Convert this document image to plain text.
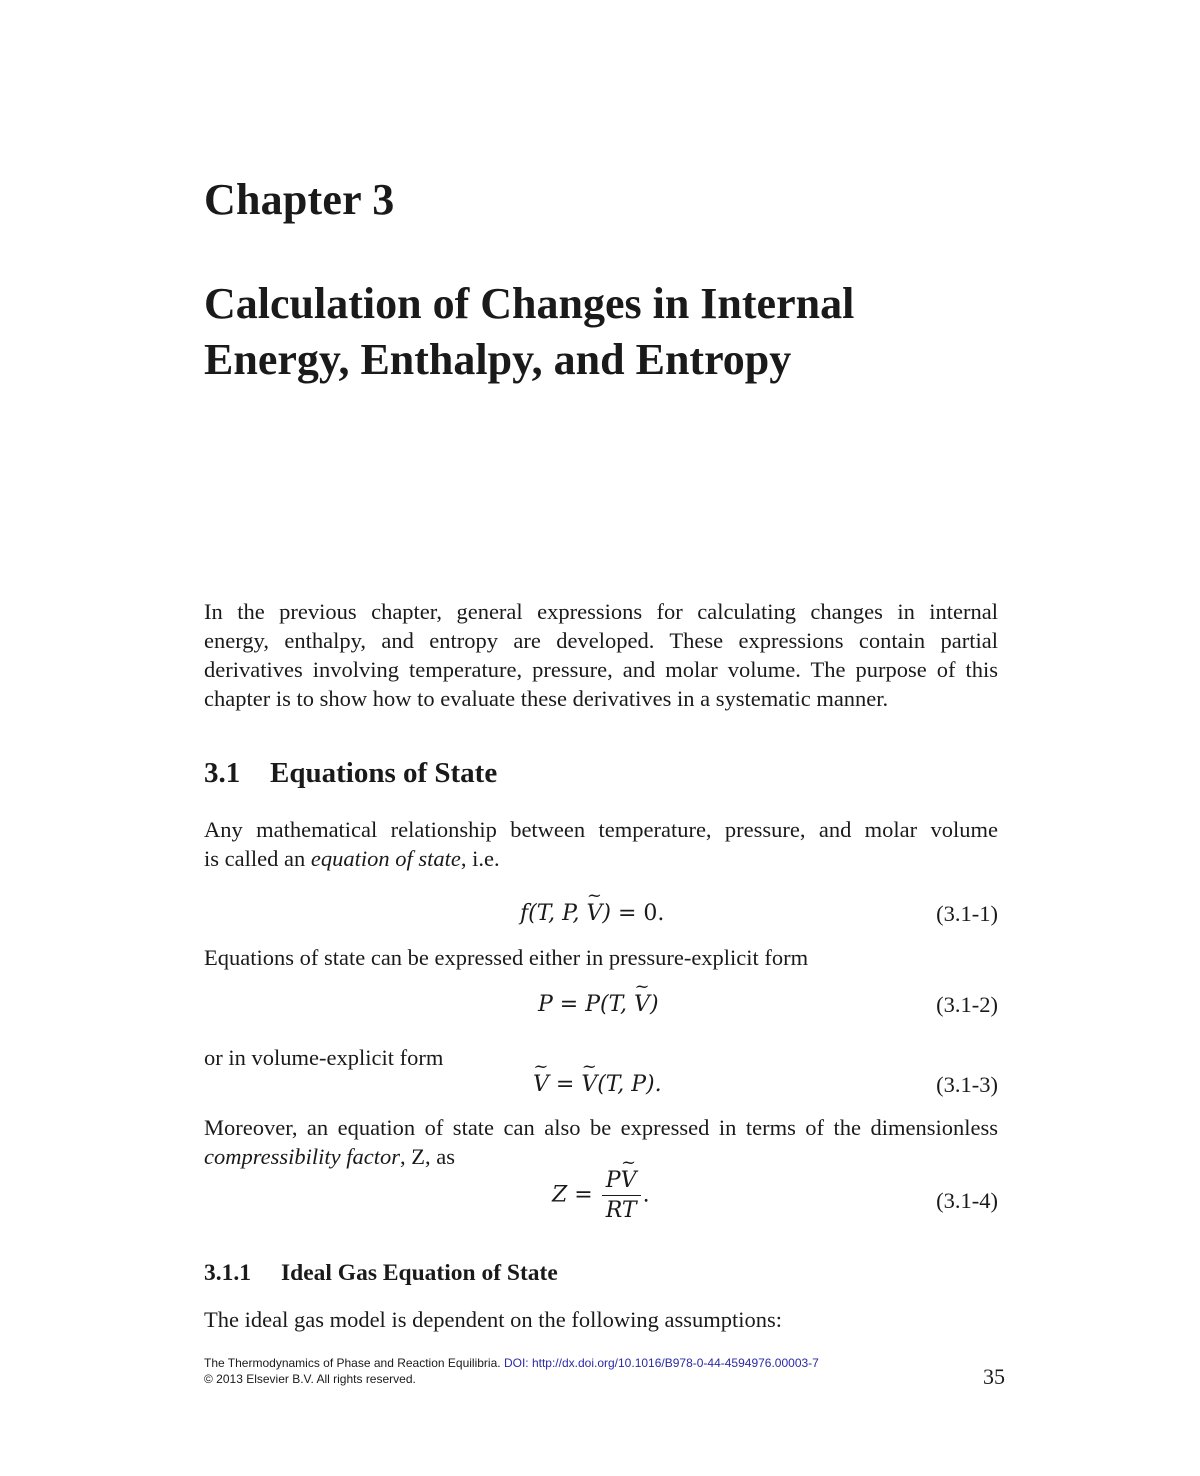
Chapter 3
Calculation of Changes in Internal
Energy, Enthalpy, and Entropy
In the previous chapter, general expressions for calculating changes in internal
energy, enthalpy, and entropy are developed. These expressions contain partial
derivatives involving temperature, pressure, and molar volume. The purpose of this
chapter is to show how to evaluate these derivatives in a systematic manner.
3.1 Equations of State
Any mathematical relationship between temperature, pressure, and molar volume
is called an equation of state, i.e.
f(T, P, ~ V) = 0.	(3.1-1)
Equations of state can be expressed either in pressure-explicit form
P = P(T, ~ V)	(3.1-2)
or in volume-explicit form
~ V = ~ V(T, P).	(3.1-3)
Moreover, an equation of state can also be expressed in terms of the dimensionless
compressibility factor, Z, as
$Z = \frac{P\sim V}{RT}$ .	(3.1-4)
3.1.1 Ideal Gas Equation of State
The ideal gas model is dependent on the following assumptions:
The Thermodynamics of Phase and Reaction Equilibria. DOI: http://dx.doi.org/10.1016/B978-0-44-4594976.00003-7
© 2013 Elsevier B.V. All rights reserved.	35
